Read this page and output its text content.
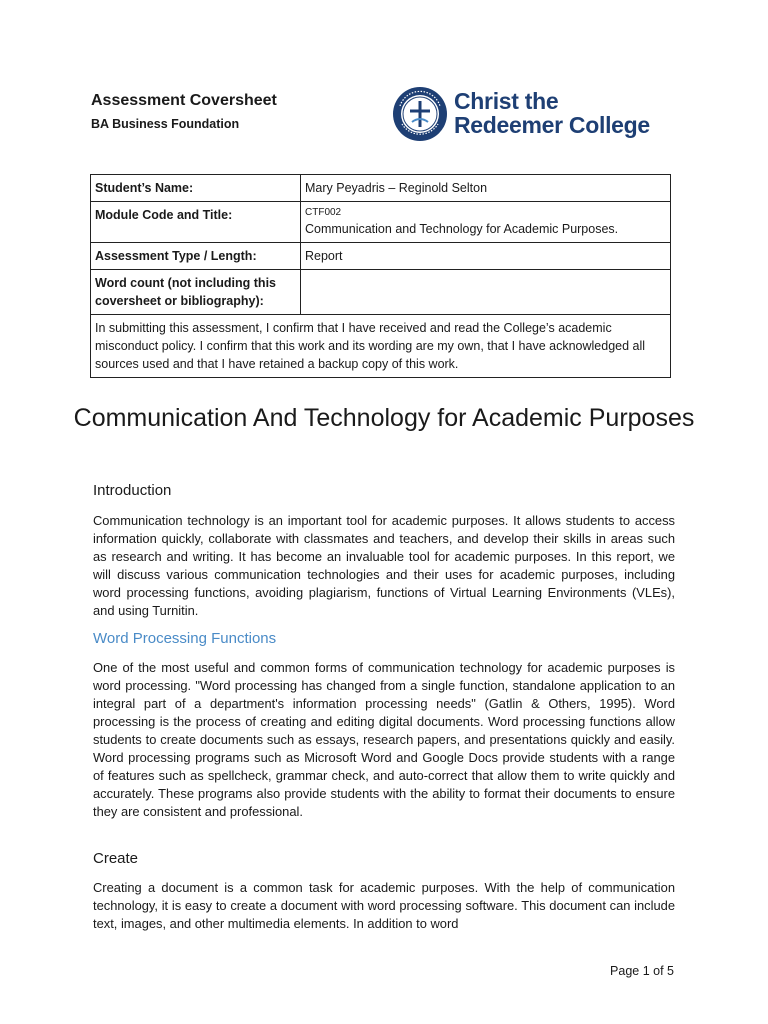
Assessment Coversheet
BA Business Foundation
Christ the
Redeemer College
Student’s Name:	Mary Peyadris – Reginold Selton
Module Code and Title:	CTF002
Communication and Technology for Academic Purposes.
Assessment Type / Length:	Report
Word count (not including this coversheet or bibliography):	
In submitting this assessment, I confirm that I have received and read the College’s academic misconduct policy. I confirm that this work and its wording are my own, that I have acknowledged all sources used and that I have retained a backup copy of this work.	
Communication And Technology for Academic Purposes
Introduction
Communication technology is an important tool for academic purposes. It allows students to access information quickly, collaborate with classmates and teachers, and develop their skills in areas such as research and writing. It has become an invaluable tool for academic purposes. In this report, we will discuss various communication technologies and their uses for academic purposes, including word processing functions, avoiding plagiarism, functions of Virtual Learning Environments (VLEs), and using Turnitin.
Word Processing Functions
One of the most useful and common forms of communication technology for academic purposes is word processing. "Word processing has changed from a single function, standalone application to an integral part of a department's information processing needs" (Gatlin & Others, 1995). Word processing is the process of creating and editing digital documents. Word processing functions allow students to create documents such as essays, research papers, and presentations quickly and easily. Word processing programs such as Microsoft Word and Google Docs provide students with a range of features such as spellcheck, grammar check, and auto-correct that allow them to write quickly and accurately. These programs also provide students with the ability to format their documents to ensure they are consistent and professional.
Create
Creating a document is a common task for academic purposes. With the help of communication technology, it is easy to create a document with word processing software. This document can include text, images, and other multimedia elements. In addition to word
Page 1 of 5
